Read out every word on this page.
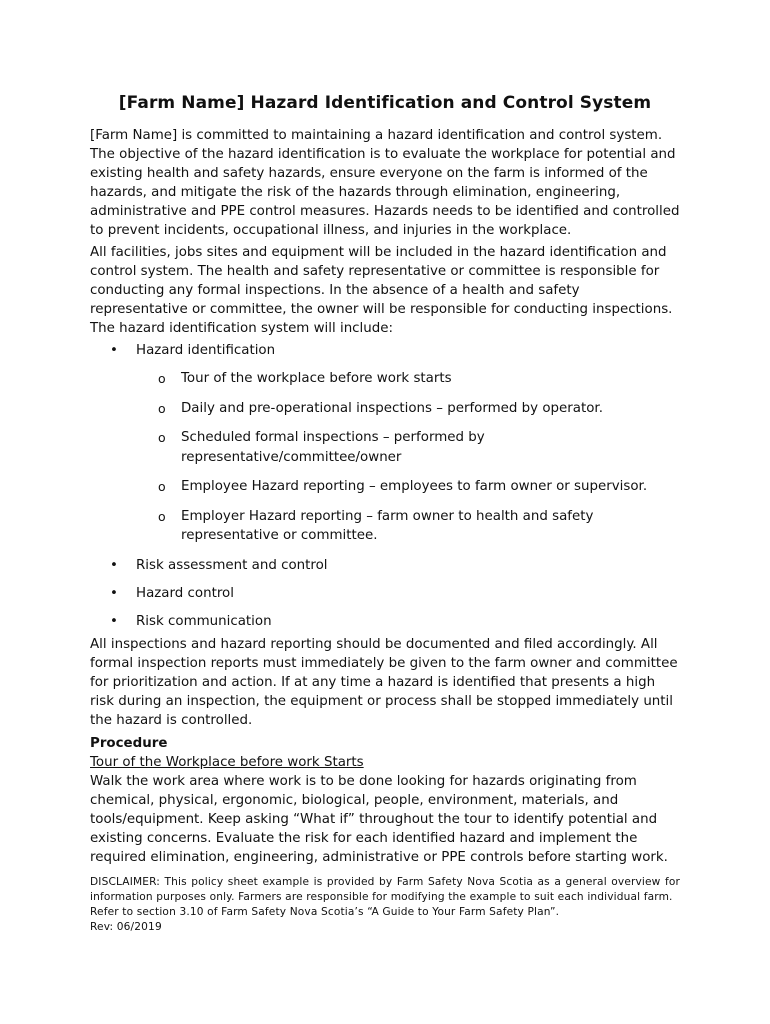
[Farm Name] Hazard Identification and Control System

[Farm Name] is committed to maintaining a hazard identification and control system. The objective of the hazard identification is to evaluate the workplace for potential and existing health and safety hazards, ensure everyone on the farm is informed of the hazards, and mitigate the risk of the hazards through elimination, engineering, administrative and PPE control measures. Hazards needs to be identified and controlled to prevent incidents, occupational illness, and injuries in the workplace.

All facilities, jobs sites and equipment will be included in the hazard identification and control system. The health and safety representative or committee is responsible for conducting any formal inspections. In the absence of a health and safety representative or committee, the owner will be responsible for conducting inspections. The hazard identification system will include:

• Hazard identification
o Tour of the workplace before work starts
o Daily and pre-operational inspections – performed by operator.
o Scheduled formal inspections – performed by representative/committee/owner
o Employee Hazard reporting – employees to farm owner or supervisor.
o Employer Hazard reporting – farm owner to health and safety representative or committee.
• Risk assessment and control
• Hazard control
• Risk communication

All inspections and hazard reporting should be documented and filed accordingly. All formal inspection reports must immediately be given to the farm owner and committee for prioritization and action. If at any time a hazard is identified that presents a high risk during an inspection, the equipment or process shall be stopped immediately until the hazard is controlled.

Procedure
Tour of the Workplace before work Starts

Walk the work area where work is to be done looking for hazards originating from chemical, physical, ergonomic, biological, people, environment, materials, and tools/equipment. Keep asking “What if” throughout the tour to identify potential and existing concerns. Evaluate the risk for each identified hazard and implement the required elimination, engineering, administrative or PPE controls before starting work.

DISCLAIMER: This policy sheet example is provided by Farm Safety Nova Scotia as a general overview for information purposes only. Farmers are responsible for modifying the example to suit each individual farm.

Refer to section 3.10 of Farm Safety Nova Scotia’s “A Guide to Your Farm Safety Plan”.

Rev: 06/2019
